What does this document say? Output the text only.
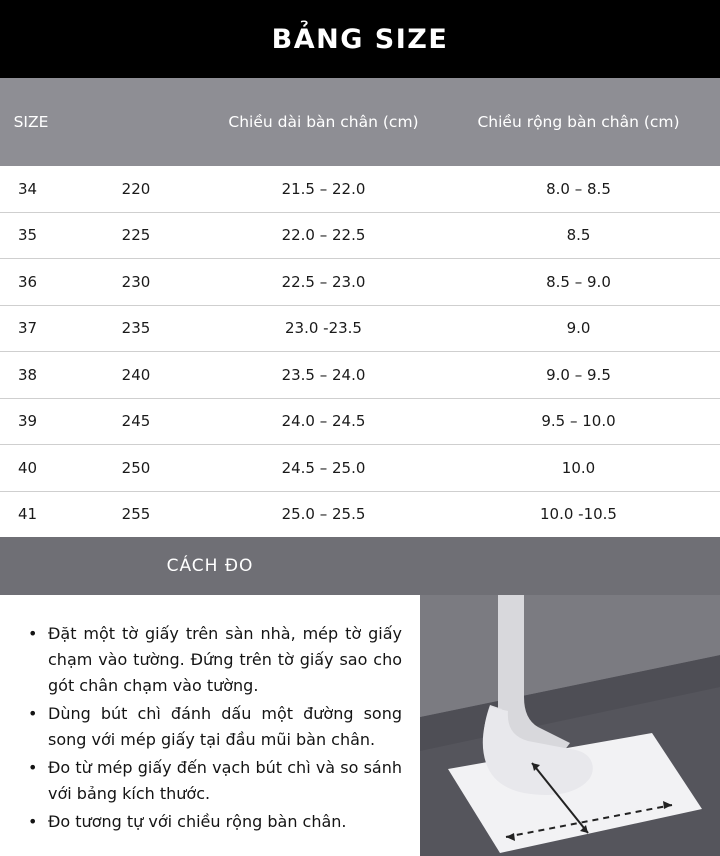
BẢNG SIZE
SIZE		Chiều dài bàn chân (cm)	Chiều rộng bàn chân (cm)
34	220	21.5 – 22.0	8.0 – 8.5
35	225	22.0 – 22.5	8.5
36	230	22.5 – 23.0	8.5 – 9.0
37	235	23.0 -23.5	9.0
38	240	23.5 – 24.0	9.0 – 9.5
39	245	24.0 – 24.5	9.5 – 10.0
40	250	24.5 – 25.0	10.0
41	255	25.0 – 25.5	10.0 -10.5
CÁCH ĐO
• Đặt một tờ giấy trên sàn nhà, mép tờ giấy chạm vào tường. Đứng trên tờ giấy sao cho gót chân chạm vào tường.
• Dùng bút chì đánh dấu một đường song song với mép giấy tại đầu mũi bàn chân.
• Đo từ mép giấy đến vạch bút chì và so sánh với bảng kích thước.
• Đo tương tự với chiều rộng bàn chân.
